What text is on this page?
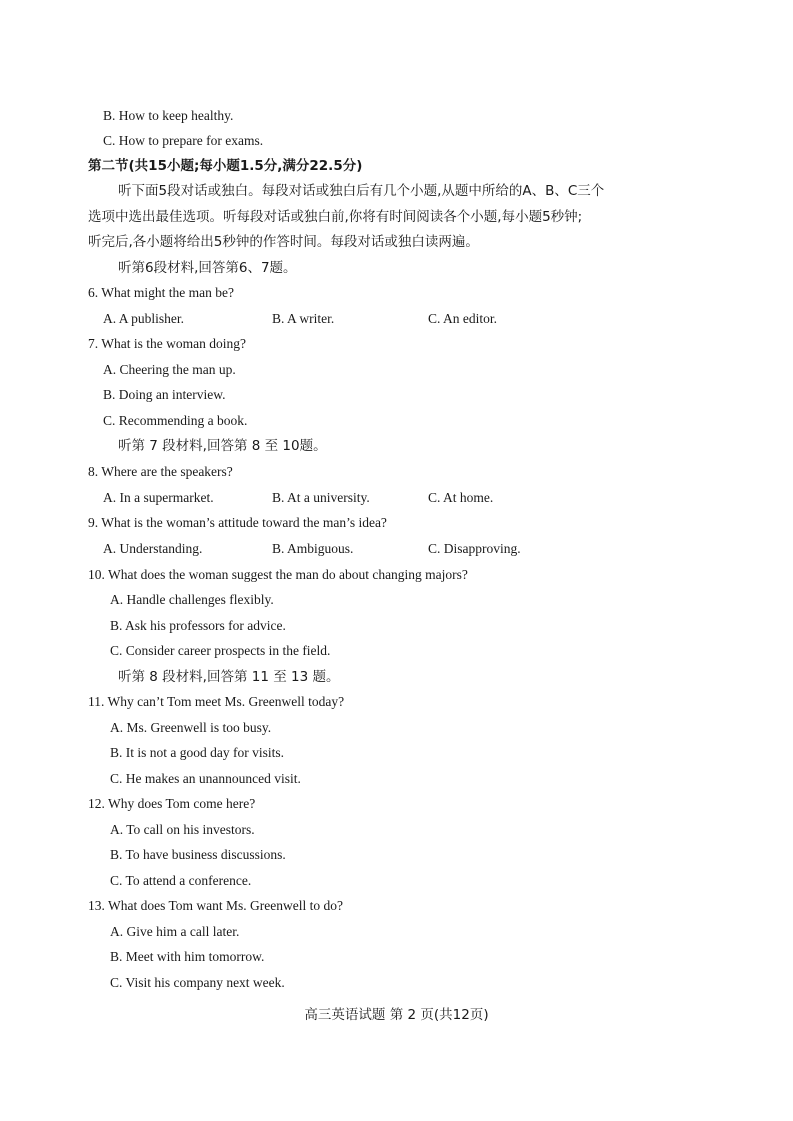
B. How to keep healthy.
C. How to prepare for exams.
第二节(共15小题;每小题1.5分,满分22.5分)
听下面5段对话或独白。每段对话或独白后有几个小题,从题中所给的A、B、C三个
选项中选出最佳选项。听每段对话或独白前,你将有时间阅读各个小题,每小题5秒钟;
听完后,各小题将给出5秒钟的作答时间。每段对话或独白读两遍。
听第6段材料,回答第6、7题。
6. What might the man be?
A. A publisher.	B. A writer.	C. An editor.
7. What is the woman doing?
A. Cheering the man up.
B. Doing an interview.
C. Recommending a book.
听第 7 段材料,回答第 8 至 10题。
8. Where are the speakers?
A. In a supermarket.	B. At a university.	C. At home.
9. What is the woman’s attitude toward the man’s idea?
A. Understanding.	B. Ambiguous.	C. Disapproving.
10. What does the woman suggest the man do about changing majors?
A. Handle challenges flexibly.
B. Ask his professors for advice.
C. Consider career prospects in the field.
听第 8 段材料,回答第 11 至 13 题。
11. Why can’t Tom meet Ms. Greenwell today?
A. Ms. Greenwell is too busy.
B. It is not a good day for visits.
C. He makes an unannounced visit.
12. Why does Tom come here?
A. To call on his investors.
B. To have business discussions.
C. To attend a conference.
13. What does Tom want Ms. Greenwell to do?
A. Give him a call later.
B. Meet with him tomorrow.
C. Visit his company next week.
高三英语试题 第 2 页(共12页)
